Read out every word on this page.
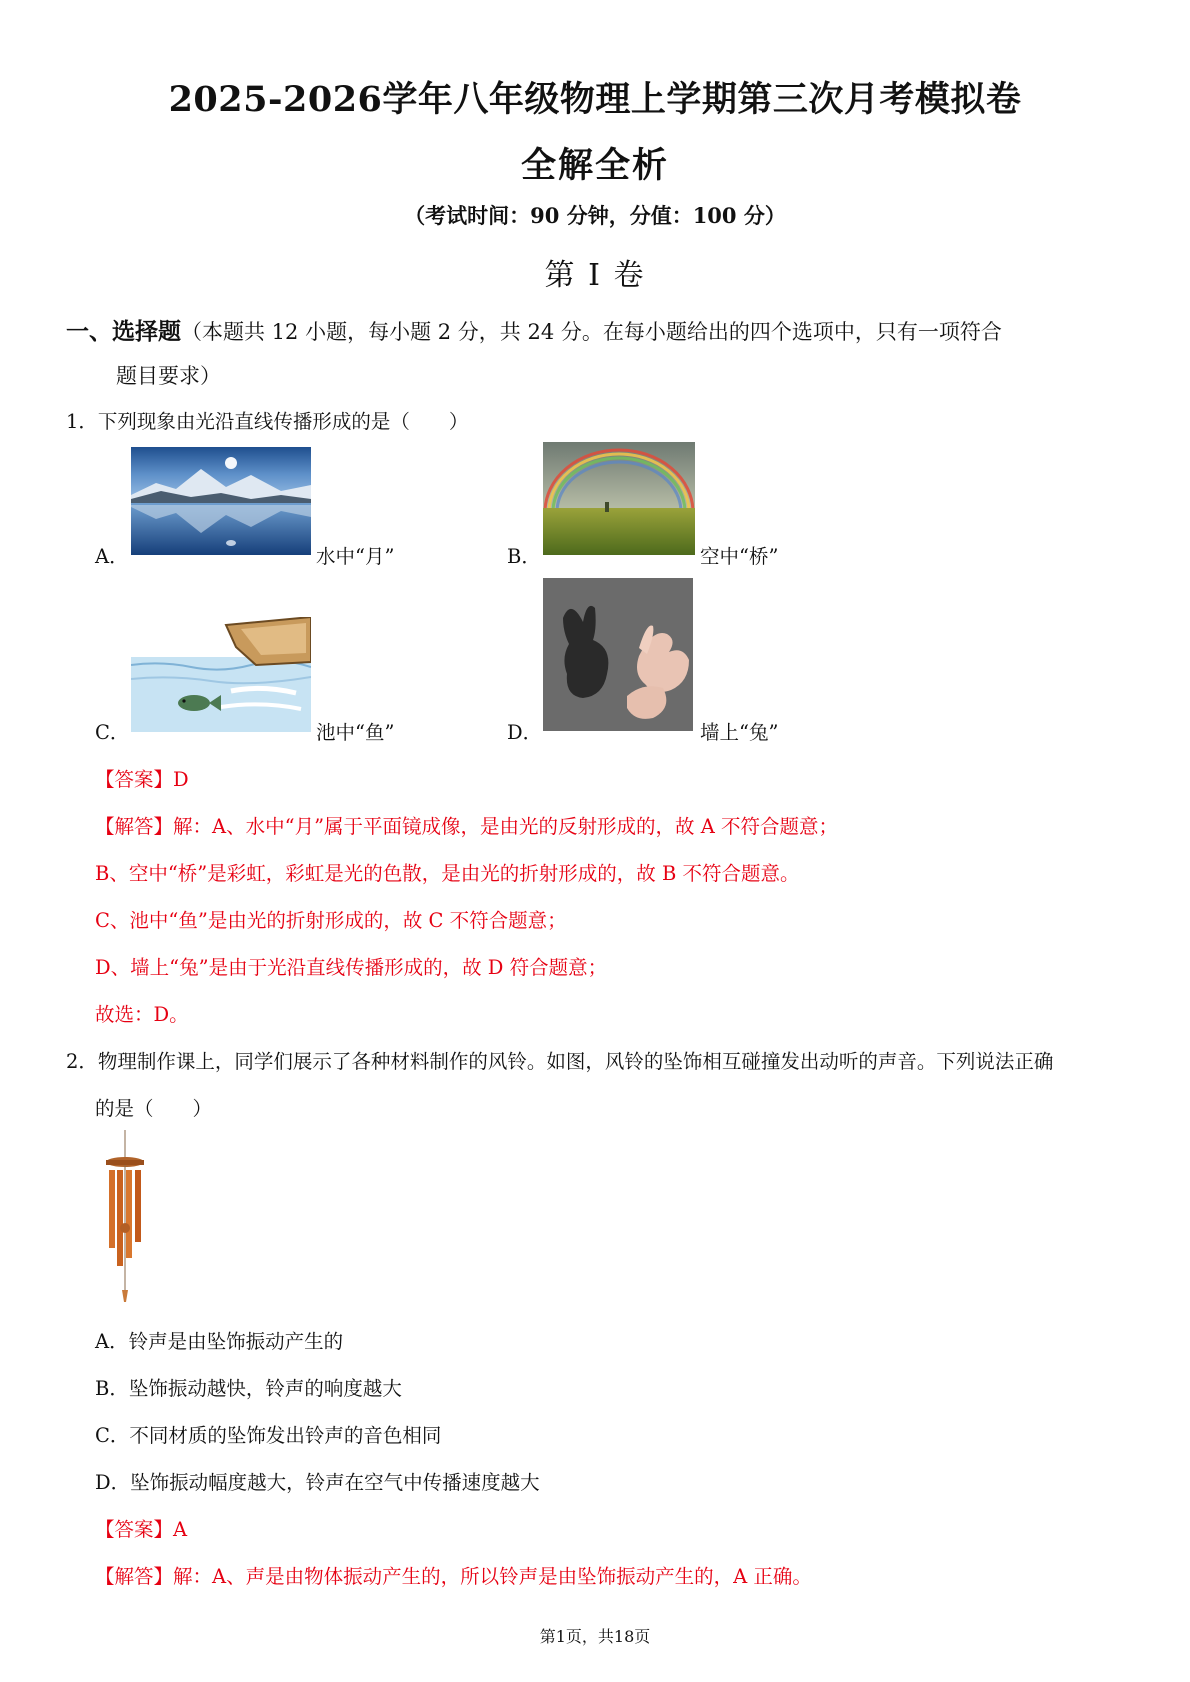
2025-2026学年八年级物理上学期第三次月考模拟卷
全解全析
（考试时间：90 分钟，分值：100 分）
第 I 卷
一、选择题（本题共 12 小题，每小题 2 分，共 24 分。在每小题给出的四个选项中，只有一项符合
题目要求）
1．下列现象由光沿直线传播形成的是（　　）
A．	水中“月”	B．	空中“桥”
C．	池中“鱼”	D．	墙上“兔”
【答案】D
【解答】解：A、水中“月”属于平面镜成像，是由光的反射形成的，故 A 不符合题意；
B、空中“桥”是彩虹，彩虹是光的色散，是由光的折射形成的，故 B 不符合题意。
C、池中“鱼”是由光的折射形成的，故 C 不符合题意；
D、墙上“兔”是由于光沿直线传播形成的，故 D 符合题意；
故选：D。
2．物理制作课上，同学们展示了各种材料制作的风铃。如图，风铃的坠饰相互碰撞发出动听的声音。下列说法正确
的是（　　）
A．铃声是由坠饰振动产生的
B．坠饰振动越快，铃声的响度越大
C．不同材质的坠饰发出铃声的音色相同
D．坠饰振动幅度越大，铃声在空气中传播速度越大
【答案】A
【解答】解：A、声是由物体振动产生的，所以铃声是由坠饰振动产生的，A 正确。
第1页，共18页
